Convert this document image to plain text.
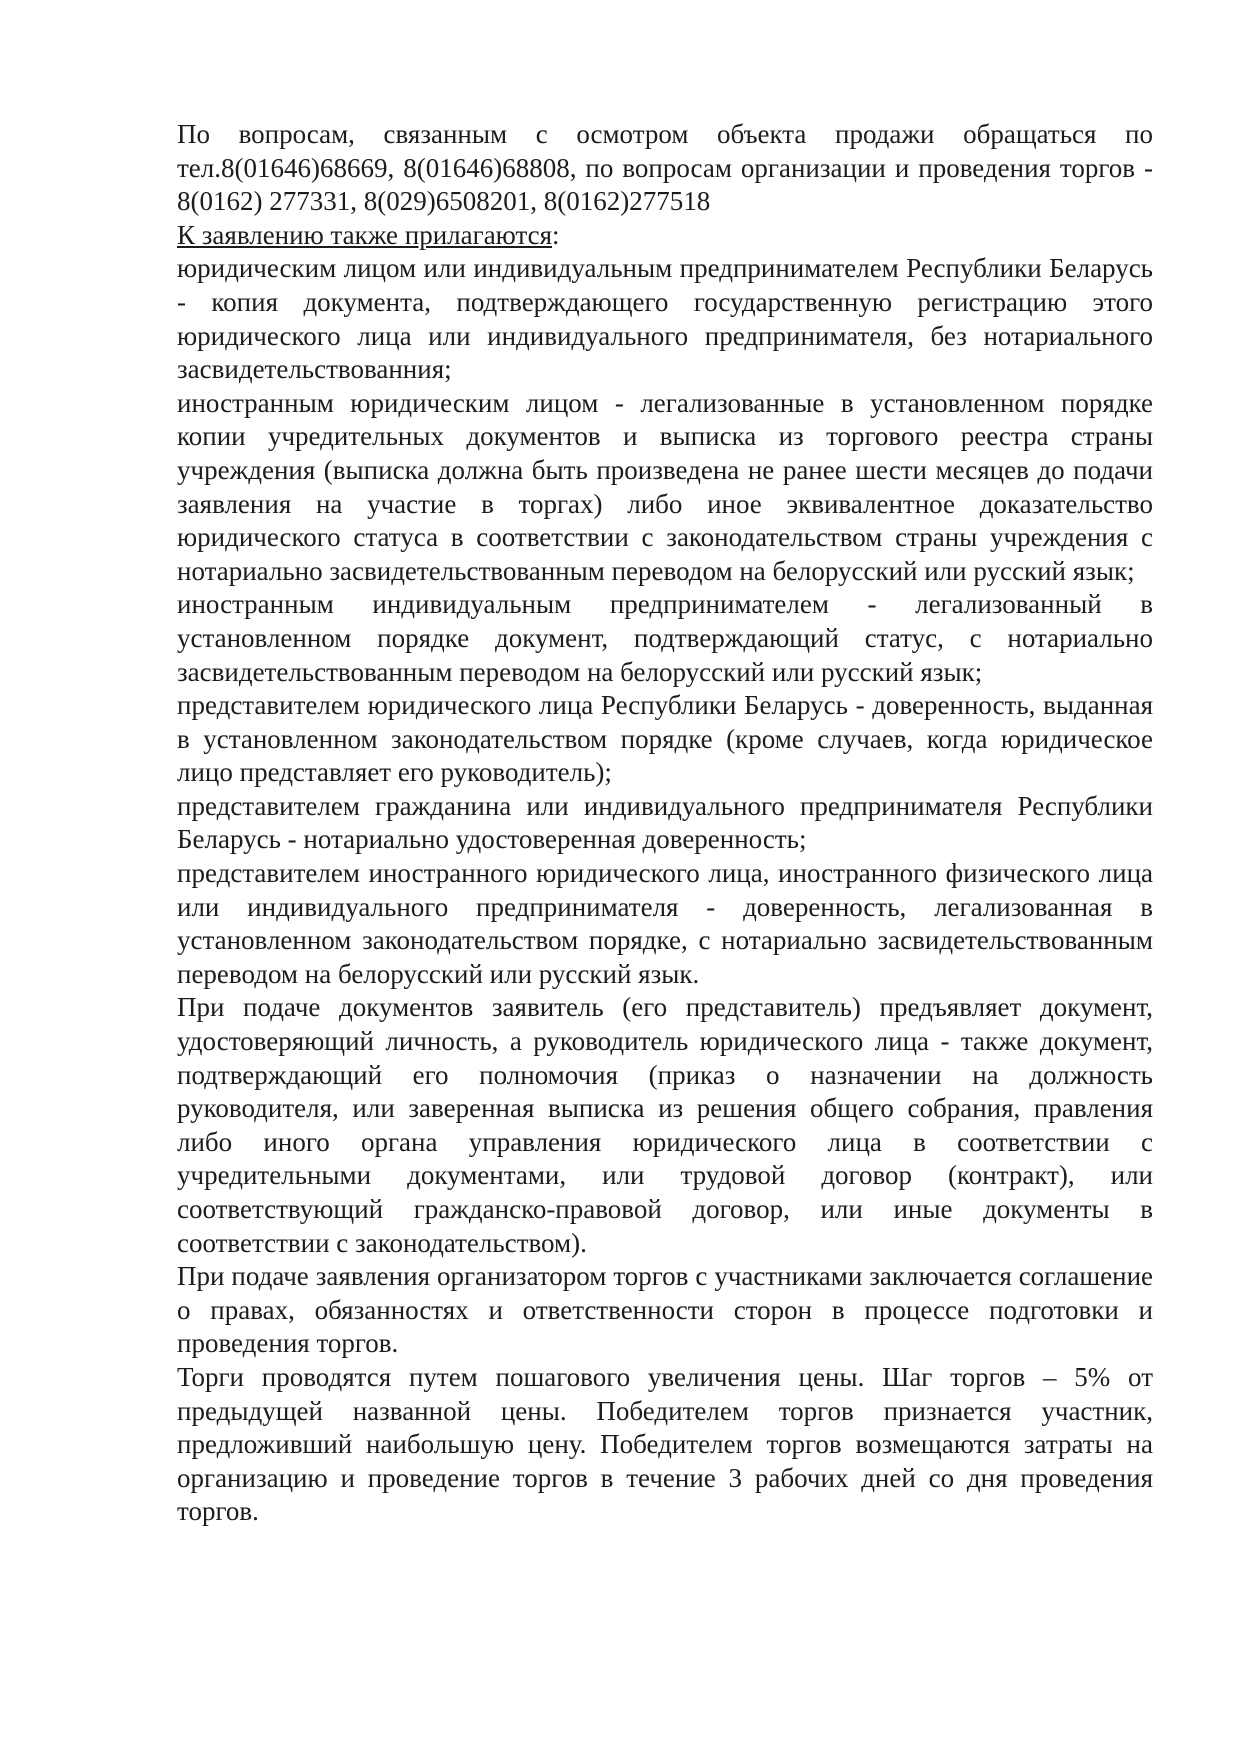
По вопросам, связанным с осмотром объекта продажи обращаться по тел.8(01646)68669, 8(01646)68808, по вопросам организации и проведения торгов - 8(0162) 277331, 8(029)6508201, 8(0162)277518

К заявлению также прилагаются:

юридическим лицом или индивидуальным предпринимателем Республики Беларусь - копия документа, подтверждающего государственную регистрацию этого юридического лица или индивидуального предпринимателя, без нотариального засвидетельствованния;

иностранным юридическим лицом - легализованные в установленном порядке копии учредительных документов и выписка из торгового реестра страны учреждения (выписка должна быть произведена не ранее шести месяцев до подачи заявления на участие в торгах) либо иное эквивалентное доказательство юридического статуса в соответствии с законодательством страны учреждения с нотариально засвидетельствованным переводом на белорусский или русский язык;

иностранным индивидуальным предпринимателем - легализованный в установленном порядке документ, подтверждающий статус, с нотариально засвидетельствованным переводом на белорусский или русский язык;

представителем юридического лица Республики Беларусь - доверенность, выданная в установленном законодательством порядке (кроме случаев, когда юридическое лицо представляет его руководитель);

представителем гражданина или индивидуального предпринимателя Республики Беларусь - нотариально удостоверенная доверенность;

представителем иностранного юридического лица, иностранного физического лица или индивидуального предпринимателя - доверенность, легализованная в установленном законодательством порядке, с нотариально засвидетельствованным переводом на белорусский или русский язык.

При подаче документов заявитель (его представитель) предъявляет документ, удостоверяющий личность, а руководитель юридического лица - также документ, подтверждающий его полномочия (приказ о назначении на должность руководителя, или заверенная выписка из решения общего собрания, правления либо иного органа управления юридического лица в соответствии с учредительными документами, или трудовой договор (контракт), или соответствующий гражданско-правовой договор, или иные документы в соответствии с законодательством).

При подаче заявления организатором торгов с участниками заключается соглашение о правах, обязанностях и ответственности сторон в процессе подготовки и проведения торгов.

Торги проводятся путем пошагового увеличения цены. Шаг торгов – 5% от предыдущей названной цены. Победителем торгов признается участник, предложивший наибольшую цену. Победителем торгов возмещаются затраты на организацию и проведение торгов в течение 3 рабочих дней со дня проведения торгов.
